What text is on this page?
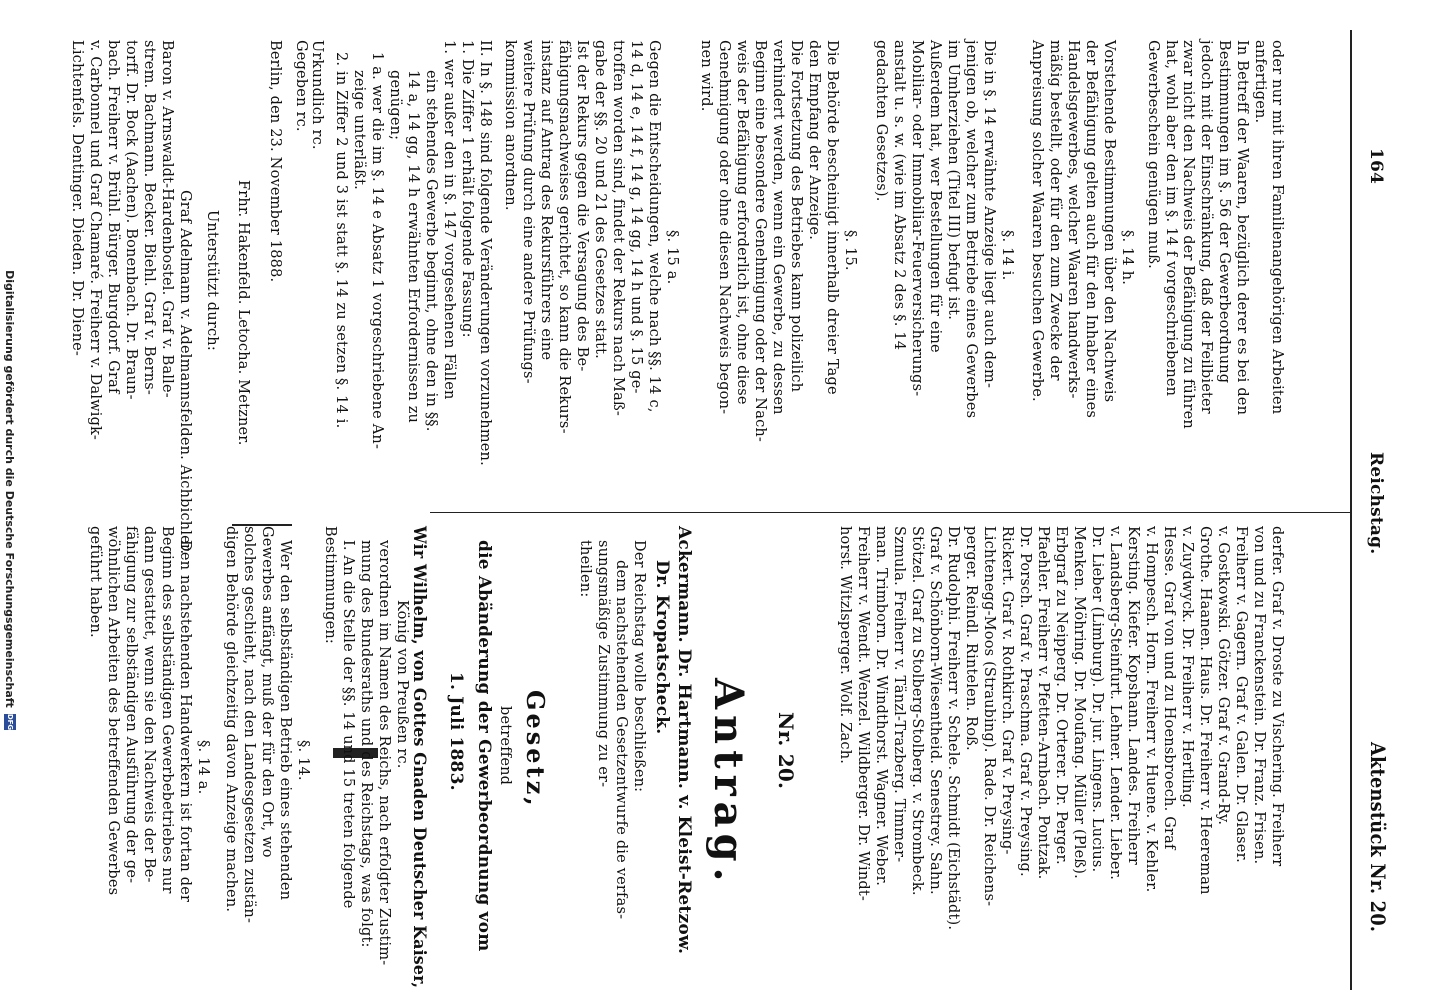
Digitalisierung gefördert durch die Deutsche Forschungsgemeinschaft
DFG
164
Reichstag.
Aktenstück Nr. 20.
oder nur mit ihren Familienangehörigen Arbeiten
anfertigen.
In Betreff der Waaren, bezüglich derer es bei den
Bestimmungen im §. 56 der Gewerbeordnung
jedoch mit der Einschränkung, daß der Feilbieter
zwar nicht den Nachweis der Befähigung zu führen
hat, wohl aber den im §. 14 f vorgeschriebenen
Gewerbeschein genügen muß.
§. 14 h.
Vorstehende Bestimmungen über den Nachweis
der Befähigung gelten auch für den Inhaber eines
Handelsgewerbes, welcher Waaren handwerks-
mäßig bestellt, oder für den zum Zwecke der
Anpreisung solcher Waaren besuchen Gewerbe.
§. 14 i.
Die in §. 14 erwähnte Anzeige liegt auch dem-
jenigen ob, welcher zum Betriebe eines Gewerbes
im Umherziehen (Titel III) befugt ist.
Außerdem hat, wer Bestellungen für eine
Mobiliar- oder Immobiliar-Feuerversicherungs-
anstalt u. s. w. (wie im Absatz 2 des §. 14
gedachten Gesetzes).
§. 15.
Die Behörde bescheinigt innerhalb dreier Tage
den Empfang der Anzeige.
Die Fortsetzung des Betriebes kann polizeilich
verhindert werden, wenn ein Gewerbe, zu dessen
Beginn eine besondere Genehmigung oder der Nach-
weis der Befähigung erforderlich ist, ohne diese
Genehmigung oder ohne diesen Nachweis begon-
nen wird.
§. 15 a.
Gegen die Entscheidungen, welche nach §§. 14 c,
14 d, 14 e, 14 f, 14 g, 14 gg, 14 h und §. 15 ge-
troffen worden sind, findet der Rekurs nach Maß-
gabe der §§. 20 und 21 des Gesetzes statt.
Ist der Rekurs gegen die Versagung des Be-
fähigungsnachweises gerichtet, so kann die Rekurs-
instanz auf Antrag des Rekursführers eine
weitere Prüfung durch eine andere Prüfungs-
kommission anordnen.
II. In §. 148 sind folgende Veränderungen vorzunehmen.
1. Die Ziffer 1 erhält folgende Fassung:
1. wer außer den in §. 147 vorgesehenen Fällen
ein stehendes Gewerbe beginnt, ohne den in §§.
14 a, 14 gg, 14 h erwähnten Erfordernissen zu
genügen;
1 a. wer die im §. 14 e Absatz 1 vorgeschriebene An-
zeige unterläßt.
2. in Ziffer 2 und 3 ist statt §. 14 zu setzen §. 14 i.
Urkundlich rc.
Gegeben rc.
Berlin, den 23. November 1888.
Frhr. Hakenfeld. Letocha. Metzner.
Unterstützt durch:
Graf Adelmann v. Adelmannsfelden. Aichbichler.
Baron v. Arnswaldt-Hardenbostel. Graf v. Balle-
strem. Bachmann. Becker. Biehl. Graf v. Berns-
torff. Dr. Bock (Aachen). Bonenbach. Dr. Braun-
bach. Freiherr v. Brühl. Bürger. Burgdorf. Graf
v. Carbonnel und Graf Chamaré. Freiherr v. Dalwigk-
Lichtenfels. Dentinger. Dieden. Dr. Diene-
derfer. Graf v. Droste zu Vischering. Freiherr
von und zu Franckenstein. Dr. Franz. Frisen.
Freiherr v. Gagern. Graf v. Galen. Dr. Glaser.
v. Gostkowski. Götzer. Graf v. Grand-Ry.
Grothe. Haanen. Haus. Dr. Freiherr v. Heereman
v. Zuydwyck. Dr. Freiherr v. Hertling.
Hesse. Graf von und zu Hoensbroech. Graf
v. Hompesch. Horn. Freiherr v. Huene. v. Kehler.
Kersting. Kiefer. Kopshann. Landes. Freiherr
v. Landsberg-Steinfurt. Lehner. Lender. Lieber.
Dr. Lieber (Limburg). Dr. jur. Lingens. Lucius.
Menken. Möhring. Dr. Moufang. Müller (Pleß).
Erbgraf zu Neipperg. Dr. Orterer. Dr. Perger.
Pfaehler. Freiherr v. Pfetten-Arnbach. Pontzak.
Dr. Porsch. Graf v. Praschma. Graf v. Preysing.
Rickert. Graf v. Rothkirch. Graf v. Preysing-
Lichtenegg-Moos (Straubing). Rade. Dr. Reichens-
perger. Reindl. Rintelen. Roß.
Dr. Rudolphi. Freiherr v. Schele. Schmidt (Eichstädt).
Graf v. Schönborn-Wiesentheid. Senestrey. Sahn.
Stötzel. Graf zu Stolberg-Stolberg. v. Strombeck.
Szmula. Freiherr v. Tänzl-Trazberg. Timmer-
man. Trimborn. Dr. Windthorst. Wagner. Weber.
Freiherr v. Wendt. Wenzel. Wildberger. Dr. Windt-
horst. Witzlsperger. Wolf. Zach.
Nr. 20.
Antrag.
Ackermann. Dr. Hartmann. v. Kleist-Retzow.
Dr. Kropatscheck.
Der Reichstag wolle beschließen:
dem nachstehenden Gesetzentwurfe die verfas-
sungsmäßige Zustimmung zu er-
theilen:
Gesetz,
betreffend
die Abänderung der Gewerbeordnung vom
1. Juli 1883.
Wir Wilhelm, von Gottes Gnaden Deutscher Kaiser,
König von Preußen rc.
verordnen im Namen des Reichs, nach erfolgter Zustim-
mung des Bundesraths und des Reichstags, was folgt:
I. An die Stelle der §§. 14 und 15 treten folgende
Bestimmungen:
§. 14.
Wer den selbständigen Betrieb eines stehenden
Gewerbes anfängt, muß der für den Ort, wo
solches geschieht, nach den Landesgesetzen zustän-
digen Behörde gleichzeitig davon Anzeige machen.
§. 14 a.
Den nachstehenden Handwerkern ist fortan der
Beginn des selbständigen Gewerbebetriebes nur
dann gestattet, wenn sie den Nachweis der Be-
fähigung zur selbständigen Ausführung der ge-
wöhnlichen Arbeiten des betreffenden Gewerbes
geführt haben.
